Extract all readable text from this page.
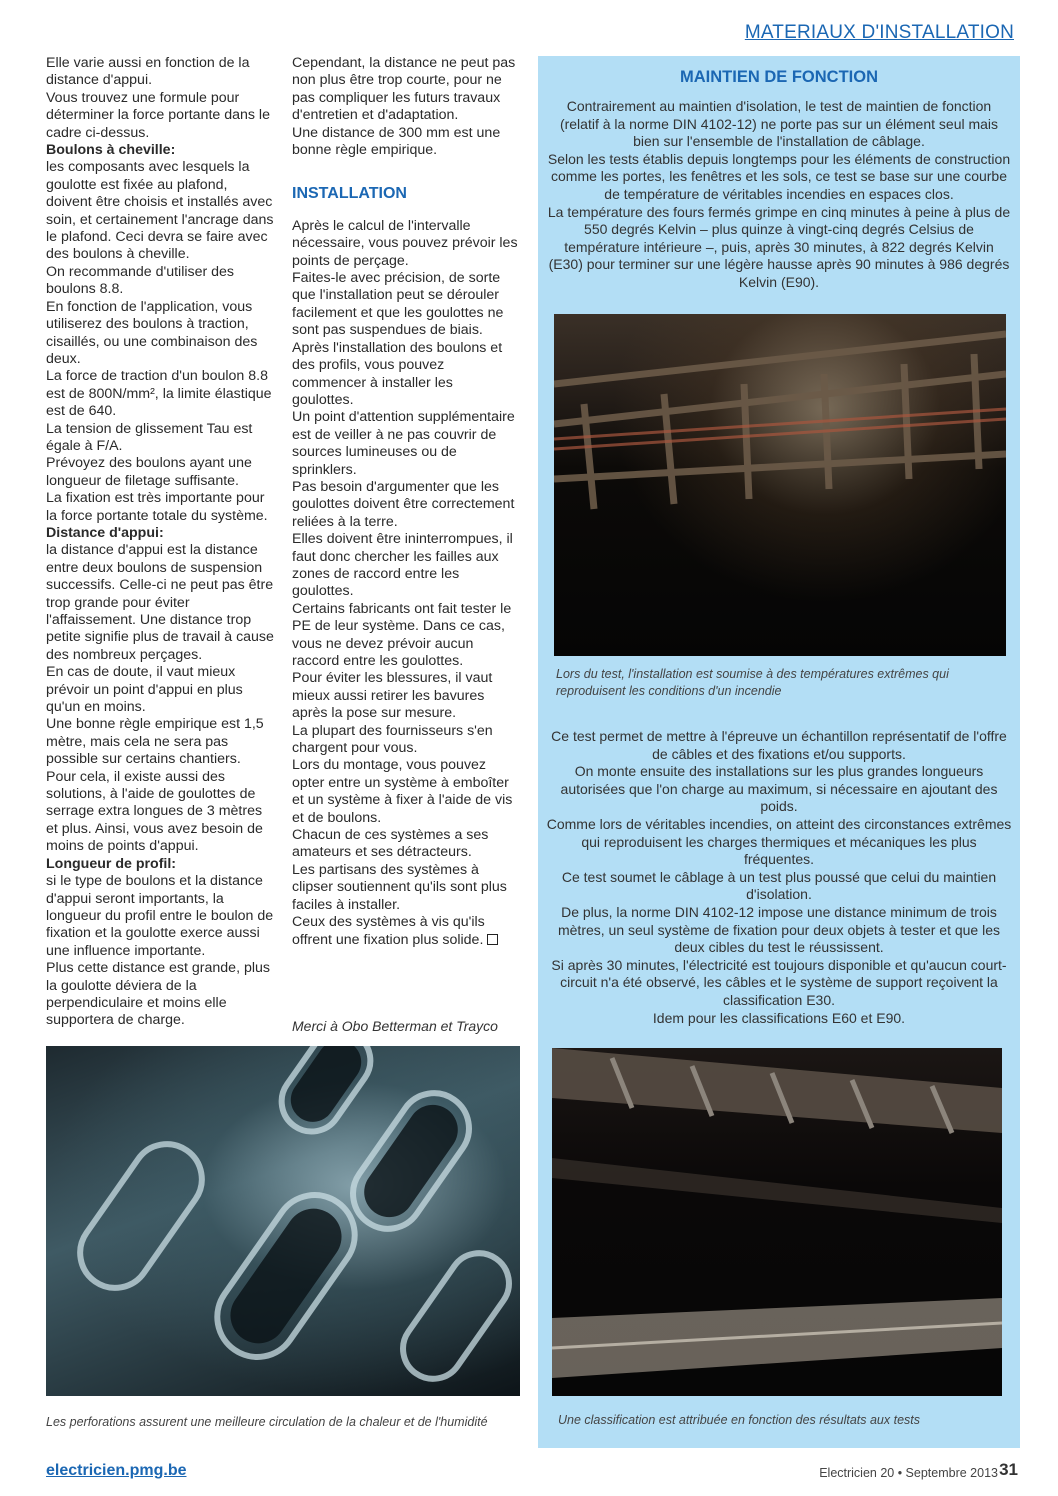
MATERIAUX D'INSTALLATION

Elle varie aussi en fonction de la distance d'appui.

Vous trouvez une formule pour déterminer la force portante dans le cadre ci-dessus.

Boulons à cheville:

les composants avec lesquels la goulotte est fixée au plafond, doivent être choisis et installés avec soin, et certainement l'ancrage dans le plafond. Ceci devra se faire avec des boulons à cheville.

On recommande d'utiliser des boulons 8.8.

En fonction de l'application, vous utiliserez des boulons à traction, cisaillés, ou une combinaison des deux.

La force de traction d'un boulon 8.8 est de 800N/mm², la limite élastique est de 640.

La tension de glissement Tau est égale à F/A.

Prévoyez des boulons ayant une longueur de filetage suffisante.

La fixation est très importante pour la force portante totale du système.

Distance d'appui:

la distance d'appui est la distance entre deux boulons de suspension successifs. Celle-ci ne peut pas être trop grande pour éviter l'affaissement. Une distance trop petite signifie plus de travail à cause des nombreux perçages.

En cas de doute, il vaut mieux prévoir un point d'appui en plus qu'un en moins.

Une bonne règle empirique est 1,5 mètre, mais cela ne sera pas possible sur certains chantiers.

Pour cela, il existe aussi des solutions, à l'aide de goulottes de serrage extra longues de 3 mètres et plus. Ainsi, vous avez besoin de moins de points d'appui.

Longueur de profil:

si le type de boulons et la distance d'appui seront importants, la longueur du profil entre le boulon de fixation et la goulotte exerce aussi une influence importante.

Plus cette distance est grande, plus la goulotte déviera de la perpendiculaire et moins elle supportera de charge.

Cependant, la distance ne peut pas non plus être trop courte, pour ne pas compliquer les futurs travaux d'entretien et d'adaptation.

Une distance de 300 mm est une bonne règle empirique.

INSTALLATION

Après le calcul de l'intervalle nécessaire, vous pouvez prévoir les points de perçage.

Faites-le avec précision, de sorte que l'installation peut se dérouler facilement et que les goulottes ne sont pas suspendues de biais.

Après l'installation des boulons et des profils, vous pouvez commencer à installer les goulottes.

Un point d'attention supplémentaire est de veiller à ne pas couvrir de sources lumineuses ou de sprinklers.

Pas besoin d'argumenter que les goulottes doivent être correctement reliées à la terre.

Elles doivent être ininterrompues, il faut donc chercher les failles aux zones de raccord entre les goulottes.

Certains fabricants ont fait tester le PE de leur système. Dans ce cas, vous ne devez prévoir aucun raccord entre les goulottes.

Pour éviter les blessures, il vaut mieux aussi retirer les bavures après la pose sur mesure.

La plupart des fournisseurs s'en chargent pour vous.

Lors du montage, vous pouvez opter entre un système à emboîter et un système à fixer à l'aide de vis et de boulons.

Chacun de ces systèmes a ses amateurs et ses détracteurs.

Les partisans des systèmes à clipser soutiennent qu'ils sont plus faciles à installer.

Ceux des systèmes à vis qu'ils offrent une fixation plus solide.

Merci à Obo Betterman et Trayco
MAINTIEN DE FONCTION

Contrairement au maintien d'isolation, le test de maintien de fonction (relatif à la norme DIN 4102-12) ne porte pas sur un élément seul mais bien sur l'ensemble de l'installation de câblage.

Selon les tests établis depuis longtemps pour les éléments de construction comme les portes, les fenêtres et les sols, ce test se base sur une courbe de température de véritables incendies en espaces clos.

La température des fours fermés grimpe en cinq minutes à peine à plus de 550 degrés Kelvin – plus quinze à vingt-cinq degrés Celsius de température intérieure –, puis, après 30 minutes, à 822 degrés Kelvin (E30) pour terminer sur une légère hausse après 90 minutes à 986 degrés Kelvin (E90).

Ce test permet de mettre à l'épreuve un échantillon représentatif de l'offre de câbles et des fixations et/ou supports.

On monte ensuite des installations sur les plus grandes longueurs autorisées que l'on charge au maximum, si nécessaire en ajoutant des poids.

Comme lors de véritables incendies, on atteint des circonstances extrêmes qui reproduisent les charges thermiques et mécaniques les plus fréquentes.

Ce test soumet le câblage à un test plus poussé que celui du maintien d'isolation.

De plus, la norme DIN 4102-12 impose une distance minimum de trois mètres, un seul système de fixation pour deux objets à tester et que les deux cibles du test le réussissent.

Si après 30 minutes, l'électricité est toujours disponible et qu'aucun court-circuit n'a été observé, les câbles et le système de support reçoivent la classification E30.

Idem pour les classifications E60 et E90.

Lors du test, l'installation est soumise à des températures extrêmes qui reproduisent les conditions d'un incendie
Une classification est attribuée en fonction des résultats aux tests
Les perforations assurent une meilleure circulation de la chaleur et de l'humidité
electricien.pmg.be	Electricien 20 • Septembre 2013 31
